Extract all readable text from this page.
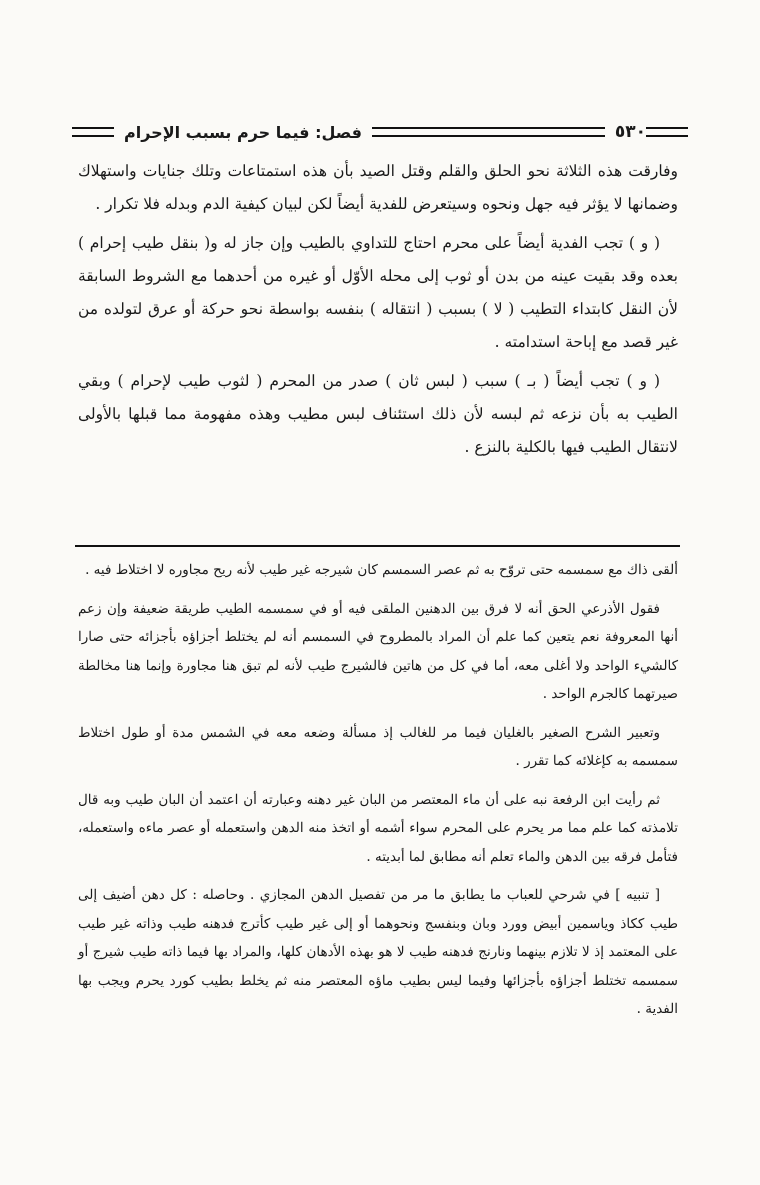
٥٣٠
فصل: فيما حرم بسبب الإحرام

وفارقت هذه الثلاثة نحو الحلق والقلم وقتل الصيد بأن هذه استمتاعات وتلك جنايات واستهلاك وضمانها لا يؤثر فيه جهل ونحوه وسيتعرض للفدية أيضاً لكن لبيان كيفية الدم وبدله فلا تكرار .

( و ) تجب الفدية أيضاً على محرم احتاج للتداوي بالطيب وإن جاز له و( بنقل طيب إحرام ) بعده وقد بقيت عينه من بدن أو ثوب إلى محله الأوّل أو غيره من أحدهما مع الشروط السابقة لأن النقل كابتداء التطيب ( لا ) بسبب ( انتقاله ) بنفسه بواسطة نحو حركة أو عرق لتولده من غير قصد مع إباحة استدامته .

( و ) تجب أيضاً ( بـ ) سبب ( لبس ثان ) صدر من المحرم ( لثوب طيب لإحرام ) وبقي الطيب به بأن نزعه ثم لبسه لأن ذلك استئناف لبس مطيب وهذه مفهومة مما قبلها بالأولى لانتقال الطيب فيها بالكلية بالنزع .

ألقى ذاك مع سمسمه حتى تروّح به ثم عصر السمسم كان شيرجه غير طيب لأنه ريح مجاوره لا اختلاط فيه .

فقول الأذرعي الحق أنه لا فرق بين الدهنين الملقى فيه أو في سمسمه الطيب طريقة ضعيفة وإن زعم أنها المعروفة نعم يتعين كما علم أن المراد بالمطروح في السمسم أنه لم يختلط أجزاؤه بأجزائه حتى صارا كالشيء الواحد ولا أغلى معه، أما في كل من هاتين فالشيرج طيب لأنه لم تبق هنا مجاورة وإنما هنا مخالطة صيرتهما كالجرم الواحد .

وتعبير الشرح الصغير بالغليان فيما مر للغالب إذ مسألة وضعه معه في الشمس مدة أو طول اختلاط سمسمه به كإغلائه كما تقرر .

ثم رأيت ابن الرفعة نبه على أن ماء المعتصر من البان غير دهنه وعبارته أن اعتمد أن البان طيب وبه قال تلامذته كما علم مما مر يحرم على المحرم سواء أشمه أو اتخذ منه الدهن واستعمله أو عصر ماءه واستعمله، فتأمل فرقه بين الدهن والماء تعلم أنه مطابق لما أبديته .

[ تنبيه ] في شرحي للعباب ما يطابق ما مر من تفصيل الدهن المجازي . وحاصله : كل دهن أضيف إلى طيب ككاذ وياسمين أبيض وورد وبان وبنفسج ونحوهما أو إلى غير طيب كأترج فدهنه طيب وذاته غير طيب على المعتمد إذ لا تلازم بينهما ونارنج فدهنه طيب لا هو بهذه الأدهان كلها، والمراد بها فيما ذاته طيب شيرج أو سمسمه تختلط أجزاؤه بأجزائها وفيما ليس بطيب ماؤه المعتصر منه ثم يخلط بطيب كورد يحرم ويجب بها الفدية .
